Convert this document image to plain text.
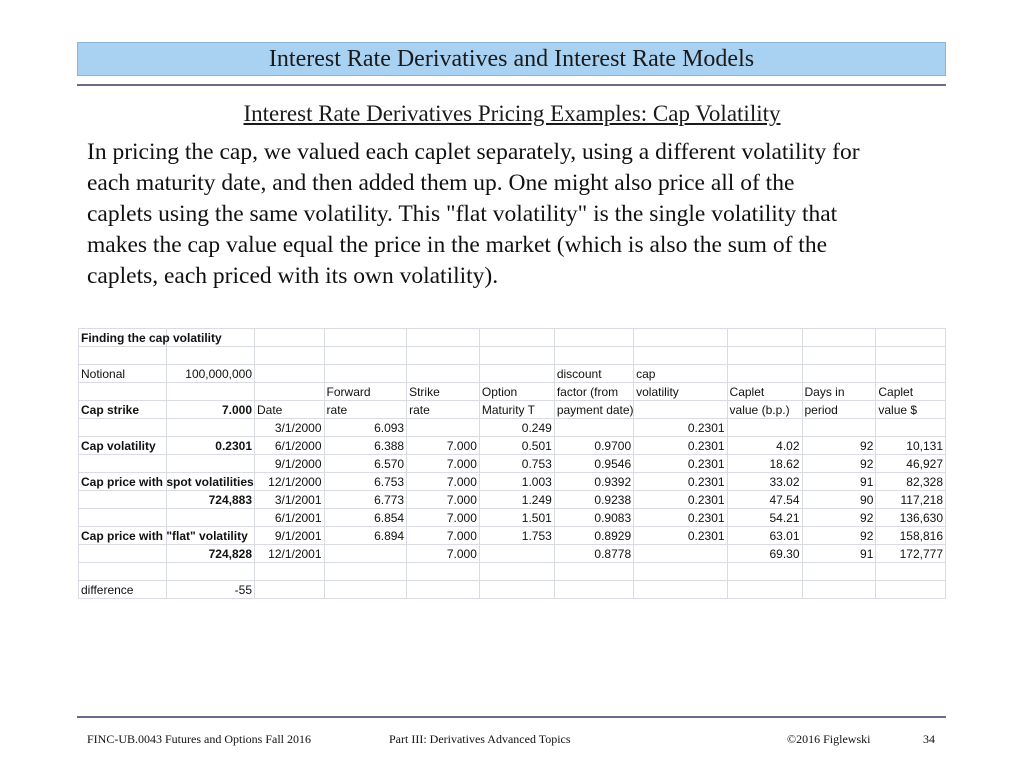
Interest Rate Derivatives and Interest Rate Models
Interest Rate Derivatives Pricing Examples: Cap Volatility
In pricing the cap, we valued each caplet separately, using a different volatility for
each maturity date, and then added them up. One might also price all of the
caplets using the same volatility. This "flat volatility" is the single volatility that
makes the cap value equal the price in the market (which is also the sum of the
caplets, each priced with its own volatility).
Finding the cap volatility										

Notional	100,000,000					discount	cap			
			Forward	Strike	Option	factor (from	volatility	Caplet	Days in	Caplet
Cap strike	7.000	Date	rate	rate	Maturity T	payment date)		value (b.p.)	period	value $
		3/1/2000	6.093		0.249		0.2301			
Cap volatility	0.2301	6/1/2000	6.388	7.000	0.501	0.9700	0.2301	4.02	92	10,131
		9/1/2000	6.570	7.000	0.753	0.9546	0.2301	18.62	92	46,927
Cap price with spot volatilities		12/1/2000	6.753	7.000	1.003	0.9392	0.2301	33.02	91	82,328
	724,883	3/1/2001	6.773	7.000	1.249	0.9238	0.2301	47.54	90	117,218
		6/1/2001	6.854	7.000	1.501	0.9083	0.2301	54.21	92	136,630
Cap price with "flat" volatility		9/1/2001	6.894	7.000	1.753	0.8929	0.2301	63.01	92	158,816
	724,828	12/1/2001		7.000		0.8778		69.30	91	172,777

difference	-55									
FINC-UB.0043 Futures and Options Fall 2016	Part III: Derivatives Advanced Topics	©2016 Figlewski	34
